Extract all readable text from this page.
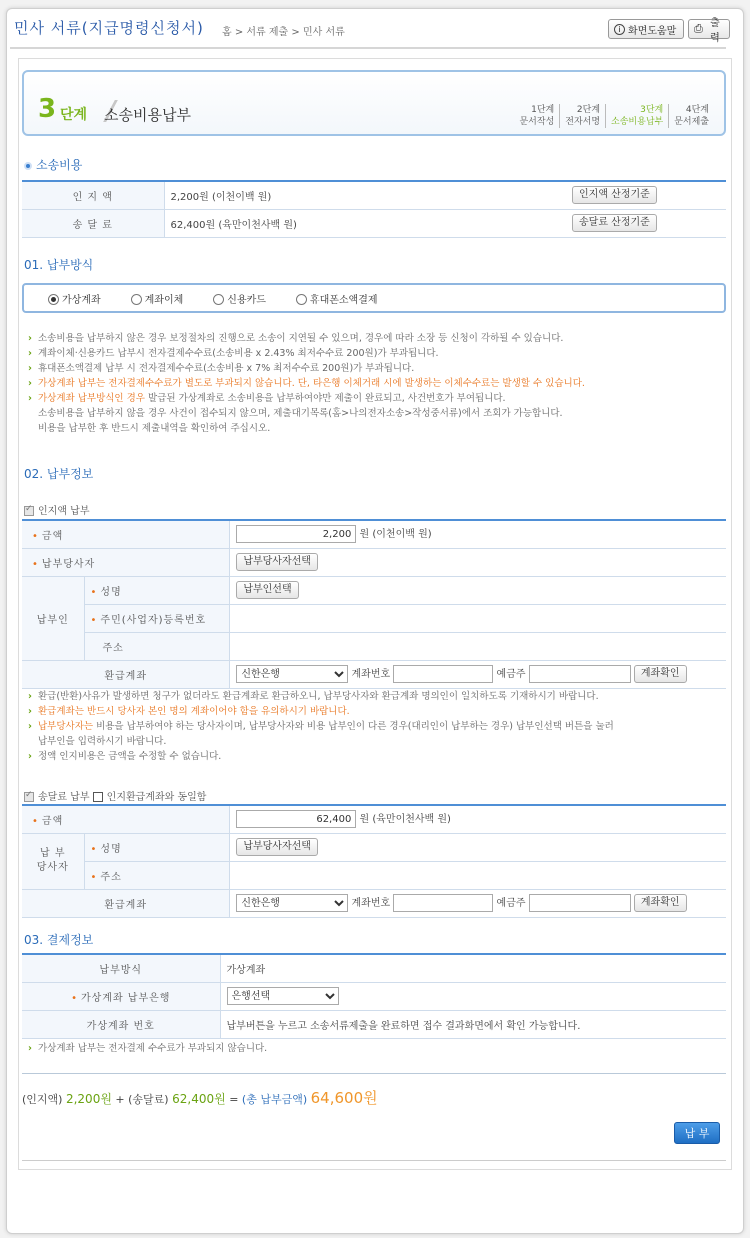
민사 서류(지급명령신청서) 홈 > 서류 제출 > 민사 서류	i 화면도움말 ⎙ 출력
3 단계 소송비용납부	1단계
문서작성
2단계
전자서명
3단계
소송비용납부
4단계
문서제출
소송비용
인 지 액	2,200원 (이천이백 원)	인지액 산정기준
송 달 료	62,400원 (육만이천사백 원)	송달료 산정기준
01. 납부방식
가상계좌	계좌이체	신용카드	휴대폰소액결제
› 소송비용을 납부하지 않은 경우 보정절차의 진행으로 소송이 지연될 수 있으며, 경우에 따라 소장 등 신청이 각하될 수 있습니다.
› 계좌이체·신용카드 납부시 전자결제수수료(소송비용 x 2.43% 최저수수료 200원)가 부과됩니다.
› 휴대폰소액결제 납부 시 전자결제수수료(소송비용 x 7% 최저수수료 200원)가 부과됩니다.
› 가상계좌 납부는 전자결제수수료가 별도로 부과되지 않습니다. 단, 타은행 이체거래 시에 발생하는 이체수수료는 발생할 수 있습니다.
› 가상계좌 납부방식인 경우 발급된 가상계좌로 소송비용을 납부하여야만 제출이 완료되고, 사건번호가 부여됩니다.
소송비용을 납부하지 않을 경우 사건이 접수되지 않으며, 제출대기목록(홈>나의전자소송>작성중서류)에서 조회가 가능합니다.
비용을 납부한 후 반드시 제출내역을 확인하여 주십시오.
02. 납부정보
✓인지액 납부
• 금액	2,200원 (이천이백 원)
• 납부당사자		납부당사자선택
납부인	• 성명	납부인선택
	• 주민(사업자)등록번호	
	주소	
환급계좌	
신한은행계좌번호 예금주 계좌확인
› 환급(반환)사유가 발생하면 청구가 없더라도 환급계좌로 환급하오니, 납부당사자와 환급계좌 명의인이 일치하도록 기재하시기 바랍니다.
› 환급계좌는 반드시 당사자 본인 명의 계좌이어야 함을 유의하시기 바랍니다.
› 납부당사자는 비용을 납부하여야 하는 당사자이며, 납부당사자와 비용 납부인이 다른 경우(대리인이 납부하는 경우) 납부인선택 버튼을 눌러
납부인을 입력하시기 바랍니다.
› 정액 인지비용은 금액을 수정할 수 없습니다.
✓송달료 납부 인지환급계좌와 동일함
• 금액	62,400원 (육만이천사백 원)

납 부
당사자	• 성명	납부당사자선택
	• 주소	
환급계좌	
신한은행계좌번호 예금주 계좌확인
03. 결제정보
납부방식	가상계좌
• 가상계좌 납부은행	
은행선택
가상계좌 번호	납부버튼을 누르고 소송서류제출을 완료하면 접수 결과화면에서 확인 가능합니다.
› 가상계좌 납부는 전자결제 수수료가 부과되지 않습니다.
(인지액) 2,200원 + (송달료) 62,400원 = (총 납부금액) 64,600원
납 부
